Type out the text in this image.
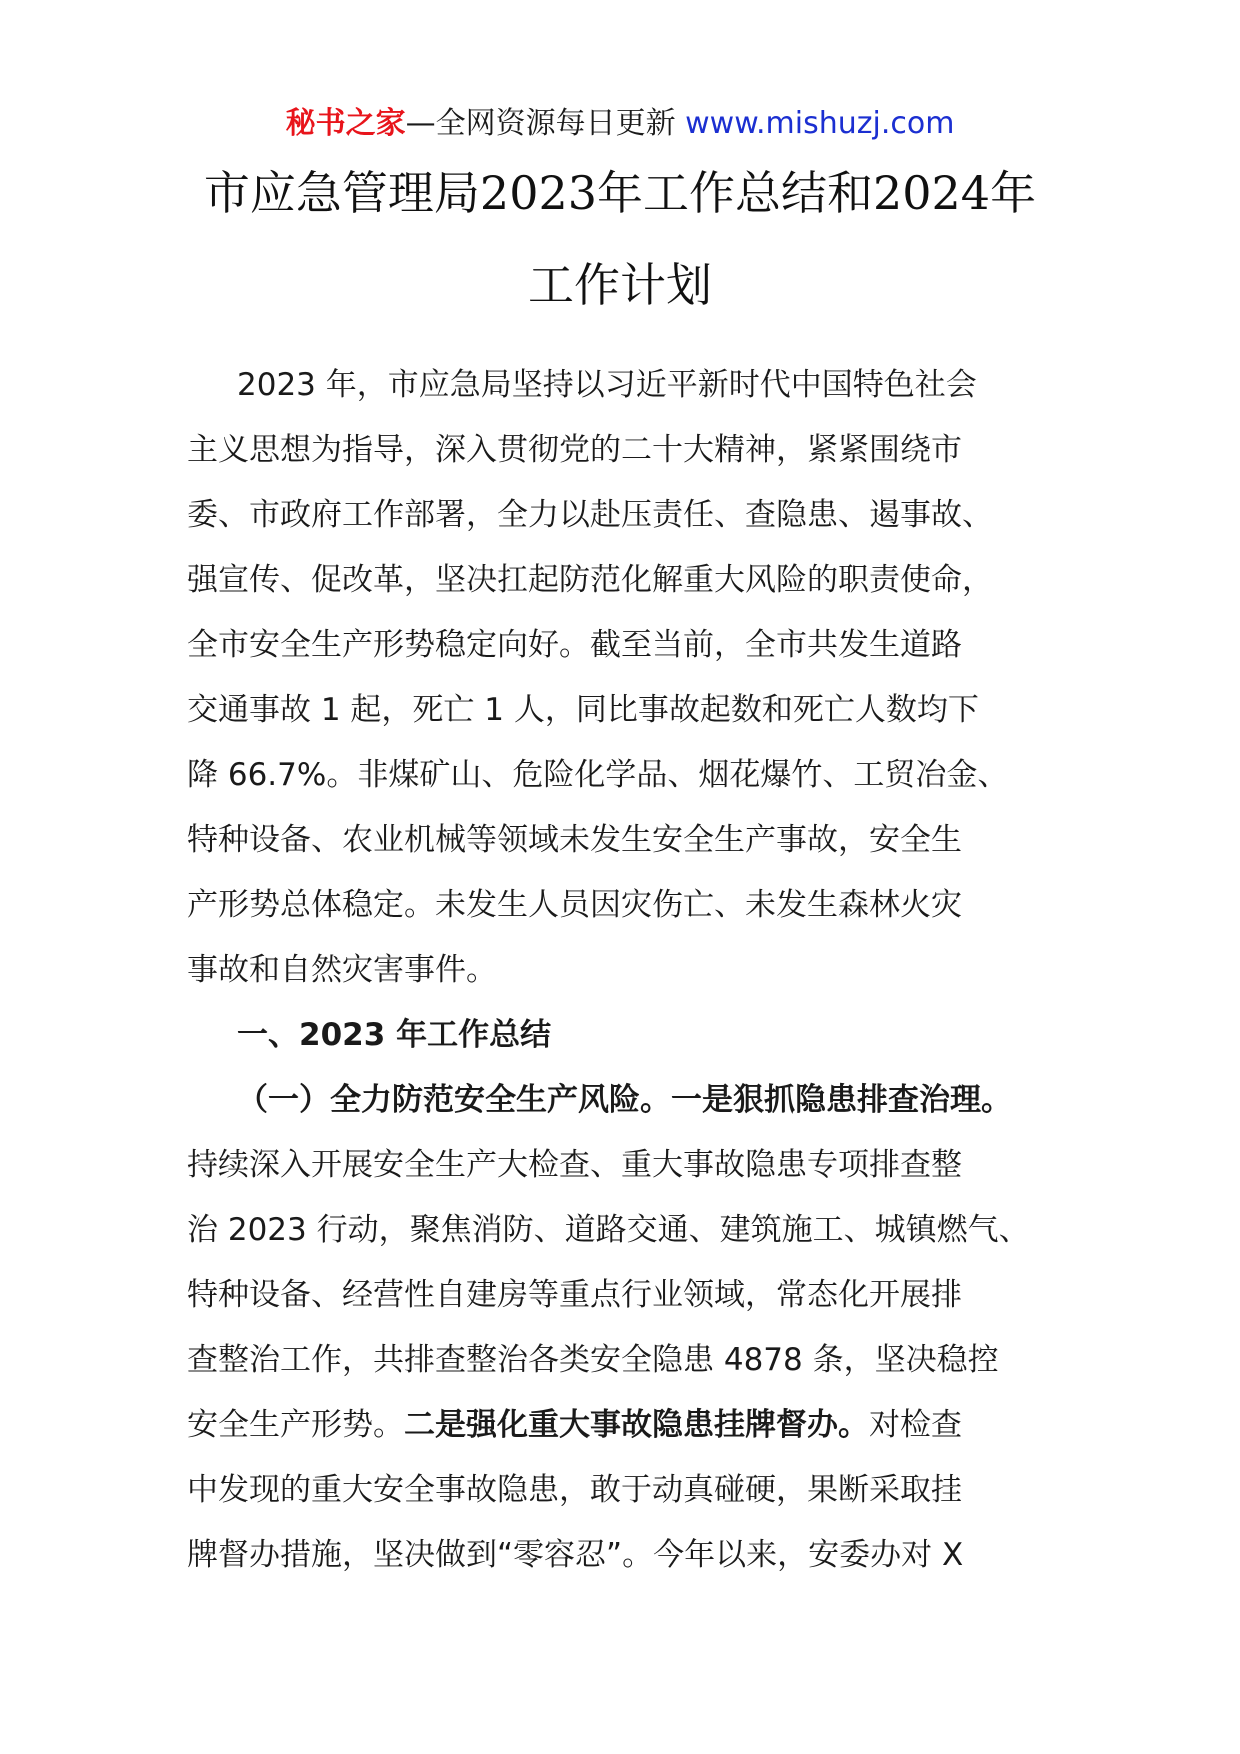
秘书之家—全网资源每日更新 www.mishuzj.com
市应急管理局2023年工作总结和2024年
工作计划
2023 年，市应急局坚持以习近平新时代中国特色社会
主义思想为指导，深入贯彻党的二十大精神，紧紧围绕市
委、市政府工作部署，全力以赴压责任、查隐患、遏事故、
强宣传、促改革，坚决扛起防范化解重大风险的职责使命，
全市安全生产形势稳定向好。截至当前，全市共发生道路
交通事故 1 起，死亡 1 人，同比事故起数和死亡人数均下
降 66.7%。非煤矿山、危险化学品、烟花爆竹、工贸冶金、
特种设备、农业机械等领域未发生安全生产事故，安全生
产形势总体稳定。未发生人员因灾伤亡、未发生森林火灾
事故和自然灾害事件。
一、2023 年工作总结
（一）全力防范安全生产风险。一是狠抓隐患排查治理。
持续深入开展安全生产大检查、重大事故隐患专项排查整
治 2023 行动，聚焦消防、道路交通、建筑施工、城镇燃气、
特种设备、经营性自建房等重点行业领域，常态化开展排
查整治工作，共排查整治各类安全隐患 4878 条，坚决稳控
安全生产形势。二是强化重大事故隐患挂牌督办。对检查
中发现的重大安全事故隐患，敢于动真碰硬，果断采取挂
牌督办措施，坚决做到“零容忍”。今年以来，安委办对 X
